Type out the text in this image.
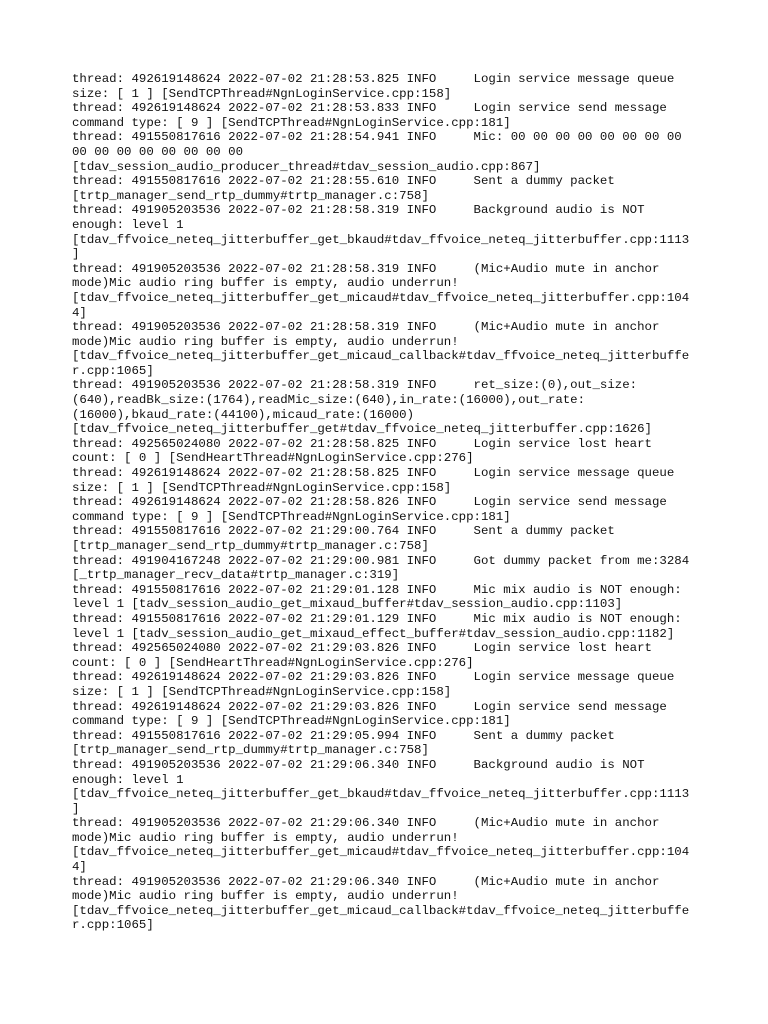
thread: 492619148624 2022-07-02 21:28:53.825 INFO     Login service message queue
size: [ 1 ] [SendTCPThread#NgnLoginService.cpp:158]
thread: 492619148624 2022-07-02 21:28:53.833 INFO     Login service send message
command type: [ 9 ] [SendTCPThread#NgnLoginService.cpp:181]
thread: 491550817616 2022-07-02 21:28:54.941 INFO     Mic: 00 00 00 00 00 00 00 00
00 00 00 00 00 00 00 00
[tdav_session_audio_producer_thread#tdav_session_audio.cpp:867]
thread: 491550817616 2022-07-02 21:28:55.610 INFO     Sent a dummy packet
[trtp_manager_send_rtp_dummy#trtp_manager.c:758]
thread: 491905203536 2022-07-02 21:28:58.319 INFO     Background audio is NOT
enough: level 1
[tdav_ffvoice_neteq_jitterbuffer_get_bkaud#tdav_ffvoice_neteq_jitterbuffer.cpp:1113
]
thread: 491905203536 2022-07-02 21:28:58.319 INFO     (Mic+Audio mute in anchor
mode)Mic audio ring buffer is empty, audio underrun!
[tdav_ffvoice_neteq_jitterbuffer_get_micaud#tdav_ffvoice_neteq_jitterbuffer.cpp:104
4]
thread: 491905203536 2022-07-02 21:28:58.319 INFO     (Mic+Audio mute in anchor
mode)Mic audio ring buffer is empty, audio underrun!
[tdav_ffvoice_neteq_jitterbuffer_get_micaud_callback#tdav_ffvoice_neteq_jitterbuffe
r.cpp:1065]
thread: 491905203536 2022-07-02 21:28:58.319 INFO     ret_size:(0),out_size:
(640),readBk_size:(1764),readMic_size:(640),in_rate:(16000),out_rate:
(16000),bkaud_rate:(44100),micaud_rate:(16000)
[tdav_ffvoice_neteq_jitterbuffer_get#tdav_ffvoice_neteq_jitterbuffer.cpp:1626]
thread: 492565024080 2022-07-02 21:28:58.825 INFO     Login service lost heart
count: [ 0 ] [SendHeartThread#NgnLoginService.cpp:276]
thread: 492619148624 2022-07-02 21:28:58.825 INFO     Login service message queue
size: [ 1 ] [SendTCPThread#NgnLoginService.cpp:158]
thread: 492619148624 2022-07-02 21:28:58.826 INFO     Login service send message
command type: [ 9 ] [SendTCPThread#NgnLoginService.cpp:181]
thread: 491550817616 2022-07-02 21:29:00.764 INFO     Sent a dummy packet
[trtp_manager_send_rtp_dummy#trtp_manager.c:758]
thread: 491904167248 2022-07-02 21:29:00.981 INFO     Got dummy packet from me:3284
[_trtp_manager_recv_data#trtp_manager.c:319]
thread: 491550817616 2022-07-02 21:29:01.128 INFO     Mic mix audio is NOT enough:
level 1 [tadv_session_audio_get_mixaud_buffer#tdav_session_audio.cpp:1103]
thread: 491550817616 2022-07-02 21:29:01.129 INFO     Mic mix audio is NOT enough:
level 1 [tadv_session_audio_get_mixaud_effect_buffer#tdav_session_audio.cpp:1182]
thread: 492565024080 2022-07-02 21:29:03.826 INFO     Login service lost heart
count: [ 0 ] [SendHeartThread#NgnLoginService.cpp:276]
thread: 492619148624 2022-07-02 21:29:03.826 INFO     Login service message queue
size: [ 1 ] [SendTCPThread#NgnLoginService.cpp:158]
thread: 492619148624 2022-07-02 21:29:03.826 INFO     Login service send message
command type: [ 9 ] [SendTCPThread#NgnLoginService.cpp:181]
thread: 491550817616 2022-07-02 21:29:05.994 INFO     Sent a dummy packet
[trtp_manager_send_rtp_dummy#trtp_manager.c:758]
thread: 491905203536 2022-07-02 21:29:06.340 INFO     Background audio is NOT
enough: level 1
[tdav_ffvoice_neteq_jitterbuffer_get_bkaud#tdav_ffvoice_neteq_jitterbuffer.cpp:1113
]
thread: 491905203536 2022-07-02 21:29:06.340 INFO     (Mic+Audio mute in anchor
mode)Mic audio ring buffer is empty, audio underrun!
[tdav_ffvoice_neteq_jitterbuffer_get_micaud#tdav_ffvoice_neteq_jitterbuffer.cpp:104
4]
thread: 491905203536 2022-07-02 21:29:06.340 INFO     (Mic+Audio mute in anchor
mode)Mic audio ring buffer is empty, audio underrun!
[tdav_ffvoice_neteq_jitterbuffer_get_micaud_callback#tdav_ffvoice_neteq_jitterbuffe
r.cpp:1065]
